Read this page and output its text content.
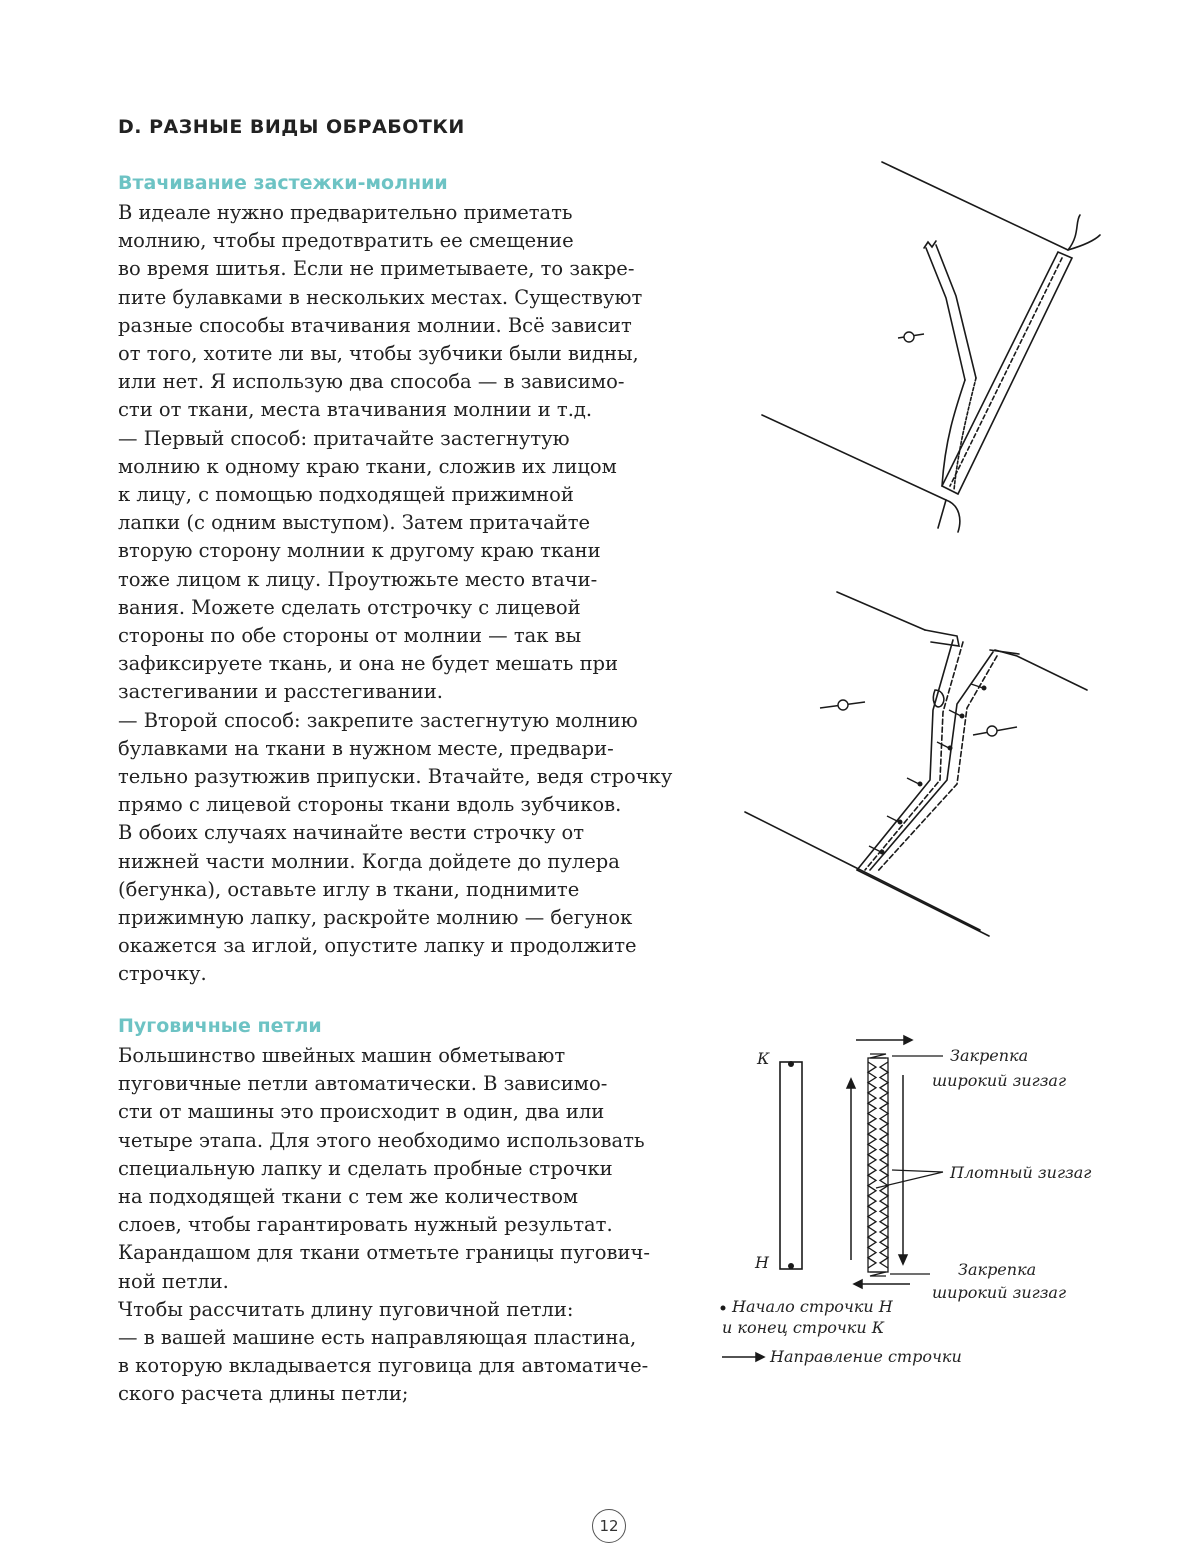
D. РАЗНЫЕ ВИДЫ ОБРАБОТКИ
Втачивание застежки-молнии
В идеале нужно предварительно приметать
молнию, чтобы предотвратить ее смещение
во время шитья. Если не приметываете, то закре-
пите булавками в нескольких местах. Существуют
разные способы втачивания молнии. Всё зависит
от того, хотите ли вы, чтобы зубчики были видны,
или нет. Я использую два способа — в зависимо-
сти от ткани, места втачивания молнии и т.д.
— Первый способ: притачайте застегнутую
молнию к одному краю ткани, сложив их лицом
к лицу, с помощью подходящей прижимной
лапки (с одним выступом). Затем притачайте
вторую сторону молнии к другому краю ткани
тоже лицом к лицу. Проутюжьте место втачи-
вания. Можете сделать отстрочку с лицевой
стороны по обе стороны от молнии — так вы
зафиксируете ткань, и она не будет мешать при
застегивании и расстегивании.
— Второй способ: закрепите застегнутую молнию
булавками на ткани в нужном месте, предвари-
тельно разутюжив припуски. Втачайте, ведя строчку
прямо с лицевой стороны ткани вдоль зубчиков.
В обоих случаях начинайте вести строчку от
нижней части молнии. Когда дойдете до пулера
(бегунка), оставьте иглу в ткани, поднимите
прижимную лапку, раскройте молнию — бегунок
окажется за иглой, опустите лапку и продолжите
строчку.
Пуговичные петли
Большинство швейных машин обметывают
пуговичные петли автоматически. В зависимо-
сти от машины это происходит в один, два или
четыре этапа. Для этого необходимо использовать
специальную лапку и сделать пробные строчки
на подходящей ткани с тем же количеством
слоев, чтобы гарантировать нужный результат.
Карандашом для ткани отметьте границы пугович-
ной петли.
Чтобы рассчитать длину пуговичной петли:
— в вашей машине есть направляющая пластина,
в которую вкладывается пуговица для автоматиче-
ского расчета длины петли;
К
Н
Закрепка
широкий зигзаг
Плотный зигзаг
Закрепка
широкий зигзаг
Начало строчки Н
и конец строчки К
Направление строчки
12
